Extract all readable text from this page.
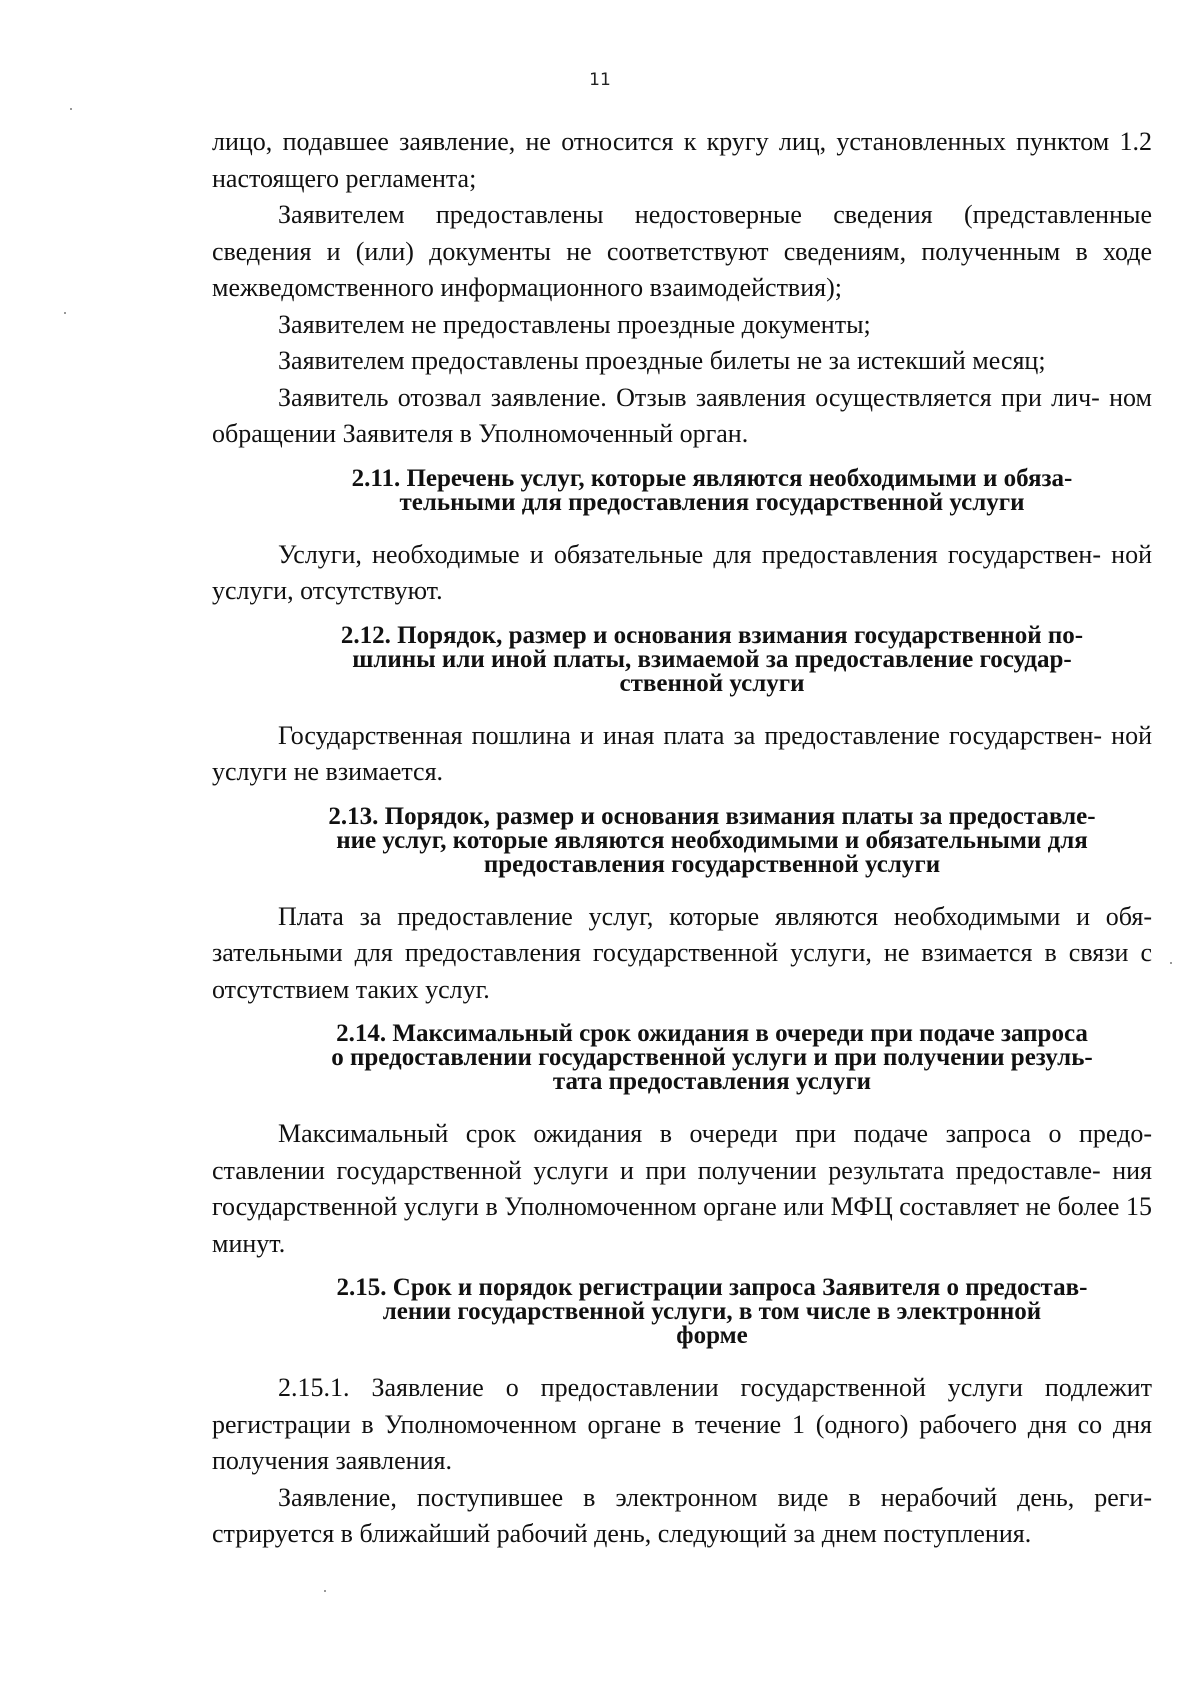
11

лицо, подавшее заявление, не относится к кругу лиц, установленных пунктом 1.2 настоящего регламента;

Заявителем предоставлены недостоверные сведения (представленные сведения и (или) документы не соответствуют сведениям, полученным в ходе межведомственного информационного взаимодействия);

Заявителем не предоставлены проездные документы;

Заявителем предоставлены проездные билеты не за истекший месяц;

Заявитель отозвал заявление. Отзыв заявления осуществляется при лич- ном обращении Заявителя в Уполномоченный орган.

2.11. Перечень услуг, которые являются необходимыми и обяза-
тельными для предоставления государственной услуги

Услуги, необходимые и обязательные для предоставления государствен- ной услуги, отсутствуют.

2.12. Порядок, размер и основания взимания государственной по-
шлины или иной платы, взимаемой за предоставление государ-
ственной услуги

Государственная пошлина и иная плата за предоставление государствен- ной услуги не взимается.

2.13. Порядок, размер и основания взимания платы за предоставле-
ние услуг, которые являются необходимыми и обязательными для
предоставления государственной услуги

Плата за предоставление услуг, которые являются необходимыми и обя- зательными для предоставления государственной услуги, не взимается в связи с отсутствием таких услуг.

2.14. Максимальный срок ожидания в очереди при подаче запроса
о предоставлении государственной услуги и при получении резуль-
тата предоставления услуги

Максимальный срок ожидания в очереди при подаче запроса о предо- ставлении государственной услуги и при получении результата предоставле- ния государственной услуги в Уполномоченном органе или МФЦ составляет не более 15 минут.

2.15. Срок и порядок регистрации запроса Заявителя о предостав-
лении государственной услуги, в том числе в электронной
форме

2.15.1. Заявление о предоставлении государственной услуги подлежит регистрации в Уполномоченном органе в течение 1 (одного) рабочего дня со дня получения заявления.

Заявление, поступившее в электронном виде в нерабочий день, реги- стрируется в ближайший рабочий день, следующий за днем поступления.
